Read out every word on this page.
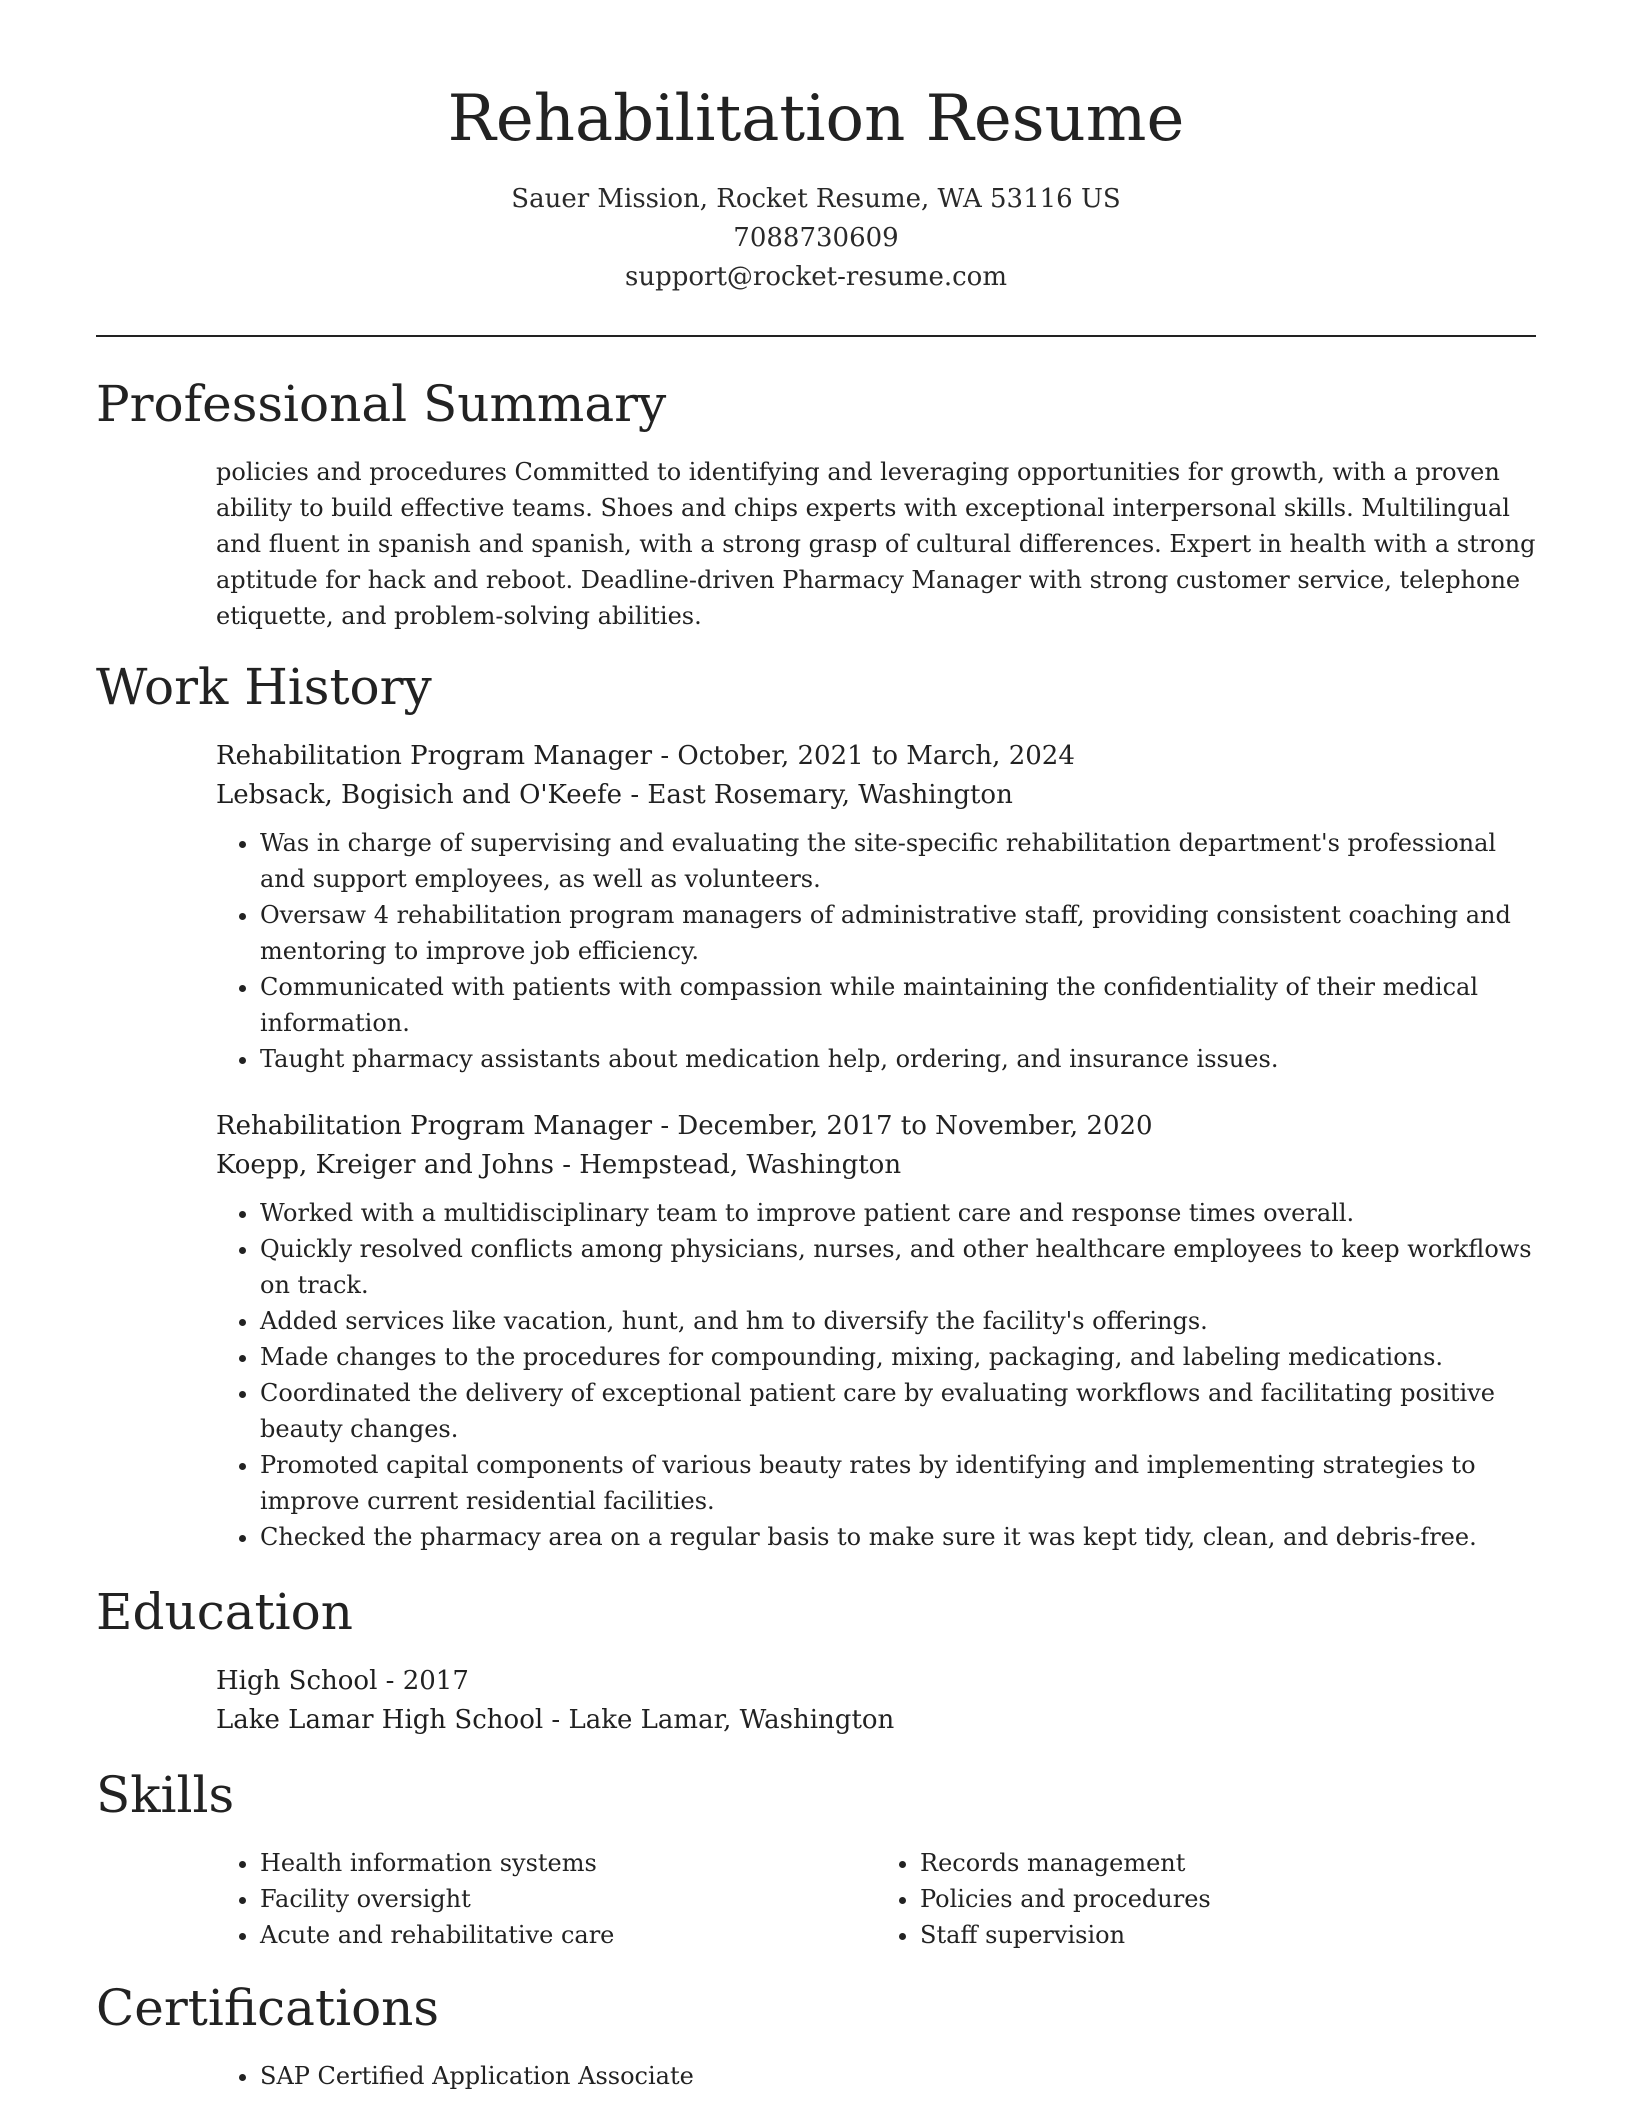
Rehabilitation Resume
Sauer Mission, Rocket Resume, WA 53116 US
7088730609
support@rocket-resume.com
Professional Summary

policies and procedures Committed to identifying and leveraging opportunities for growth, with a proven ability to build effective teams. Shoes and chips experts with exceptional interpersonal skills. Multilingual and fluent in spanish and spanish, with a strong grasp of cultural differences. Expert in health with a strong aptitude for hack and reboot. Deadline-driven Pharmacy Manager with strong customer service, telephone etiquette, and problem-solving abilities.

Work History
Rehabilitation Program Manager - October, 2021 to March, 2024
Lebsack, Bogisich and O'Keefe - East Rosemary, Washington
• Was in charge of supervising and evaluating the site-specific rehabilitation department's professional and support employees, as well as volunteers.
• Oversaw 4 rehabilitation program managers of administrative staff, providing consistent coaching and mentoring to improve job efficiency.
• Communicated with patients with compassion while maintaining the confidentiality of their medical information.
• Taught pharmacy assistants about medication help, ordering, and insurance issues.
Rehabilitation Program Manager - December, 2017 to November, 2020
Koepp, Kreiger and Johns - Hempstead, Washington
• Worked with a multidisciplinary team to improve patient care and response times overall.
• Quickly resolved conflicts among physicians, nurses, and other healthcare employees to keep workflows on track.
• Added services like vacation, hunt, and hm to diversify the facility's offerings.
• Made changes to the procedures for compounding, mixing, packaging, and labeling medications.
• Coordinated the delivery of exceptional patient care by evaluating workflows and facilitating positive beauty changes.
• Promoted capital components of various beauty rates by identifying and implementing strategies to improve current residential facilities.
• Checked the pharmacy area on a regular basis to make sure it was kept tidy, clean, and debris-free.
Education
High School - 2017
Lake Lamar High School - Lake Lamar, Washington
Skills
• Health information systems
• Facility oversight
• Acute and rehabilitative care
• Records management
• Policies and procedures
• Staff supervision
Certifications
• SAP Certified Application Associate
